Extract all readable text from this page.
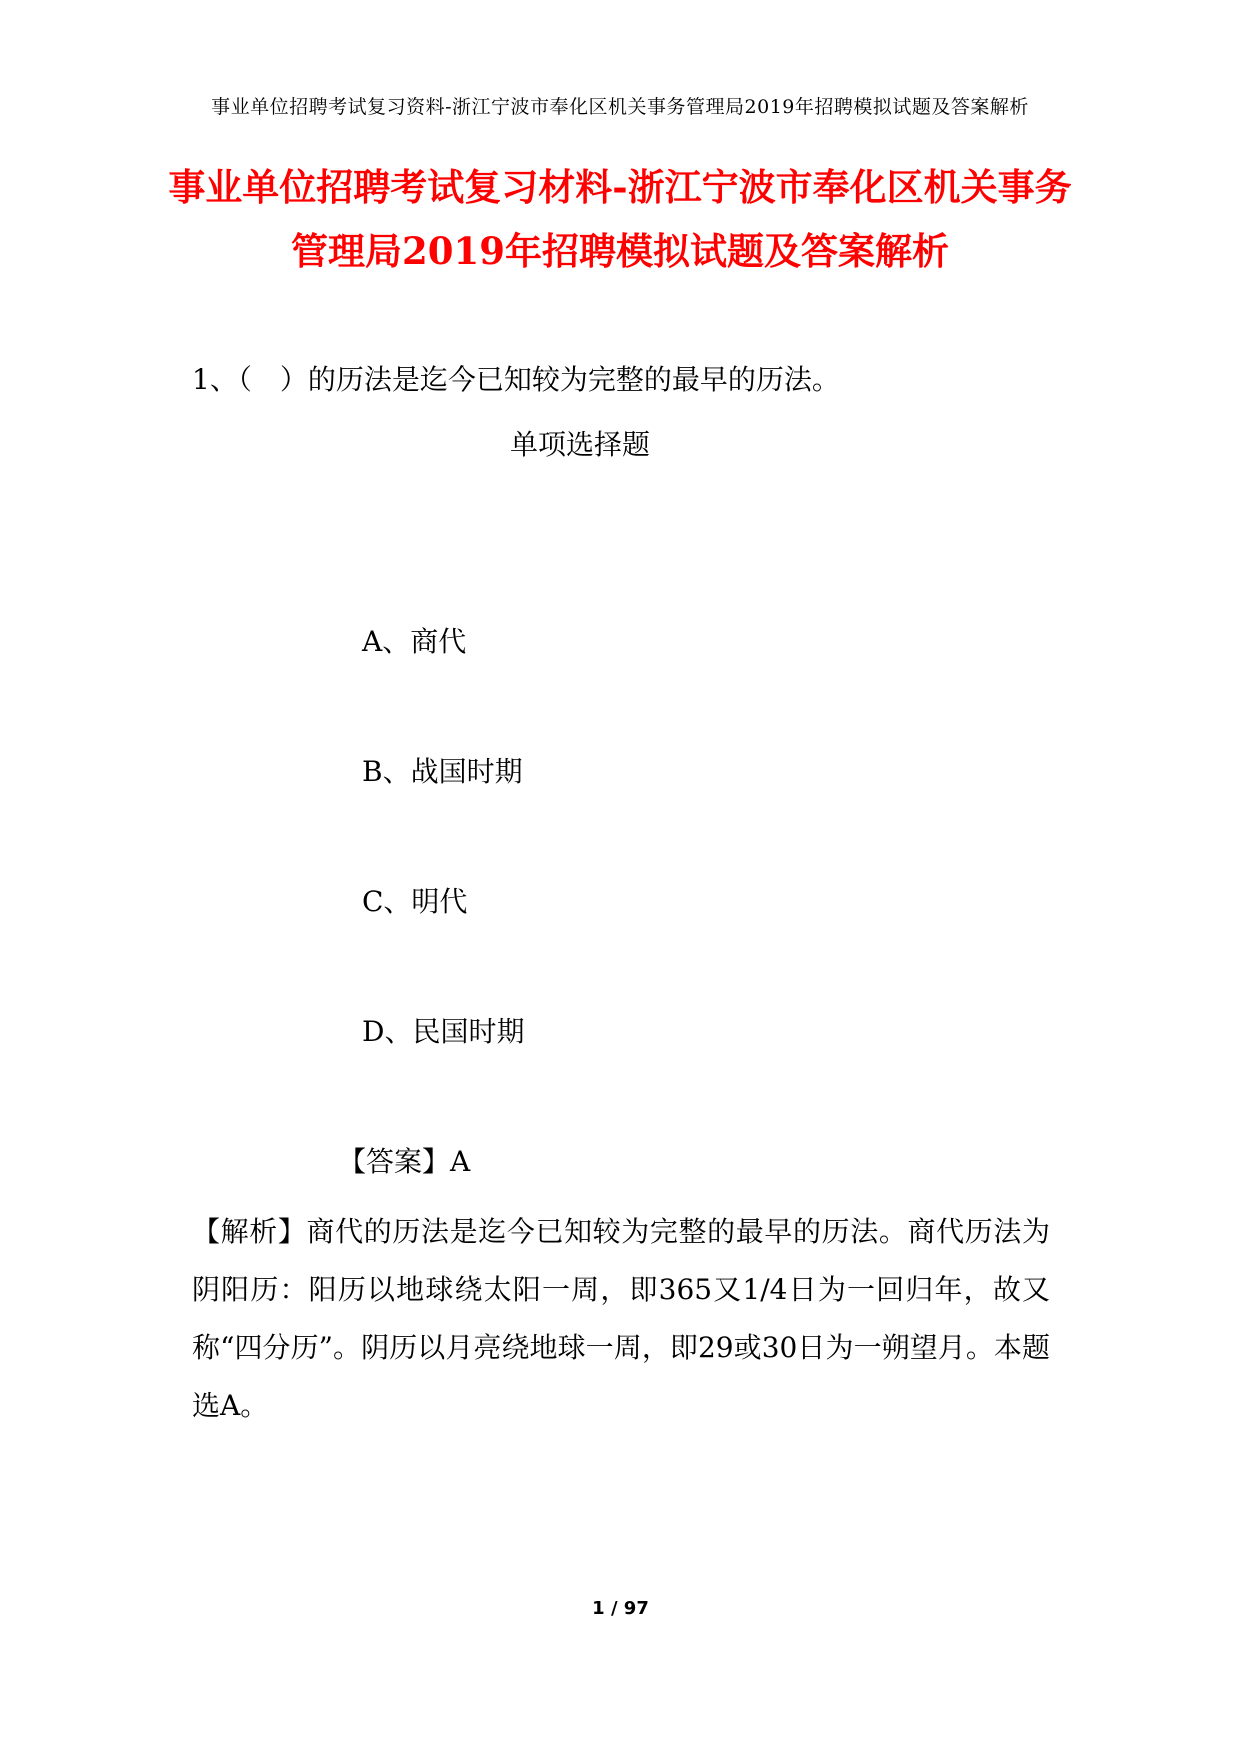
事业单位招聘考试复习资料-浙江宁波市奉化区机关事务管理局2019年招聘模拟试题及答案解析
事业单位招聘考试复习材料-浙江宁波市奉化区机关事务管理局2019年招聘模拟试题及答案解析
1、（　）的历法是迄今已知较为完整的最早的历法。
单项选择题
A、商代
B、战国时期
C、明代
D、民国时期
【答案】A
【解析】商代的历法是迄今已知较为完整的最早的历法。商代历法为阴阳历：阳历以地球绕太阳一周，即365又1/4日为一回归年，故又称“四分历”。阴历以月亮绕地球一周，即29或30日为一朔望月。本题选A。
1 / 97
